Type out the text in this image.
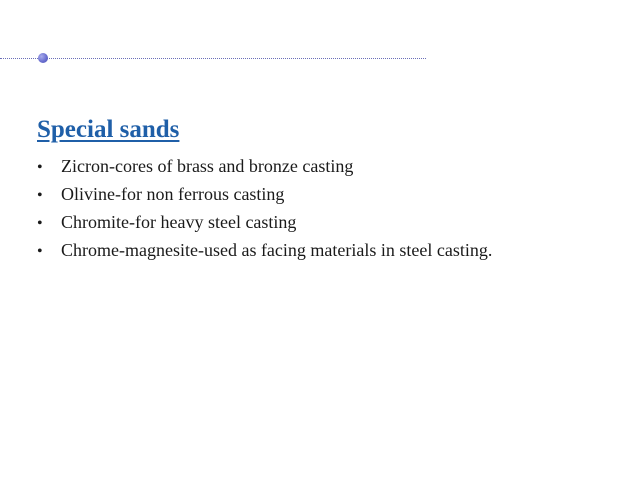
Special sands
•	Zicron-cores of brass and bronze casting
•	Olivine-for non ferrous casting
•	Chromite-for heavy steel casting
•	Chrome-magnesite-used as facing materials in steel casting.
